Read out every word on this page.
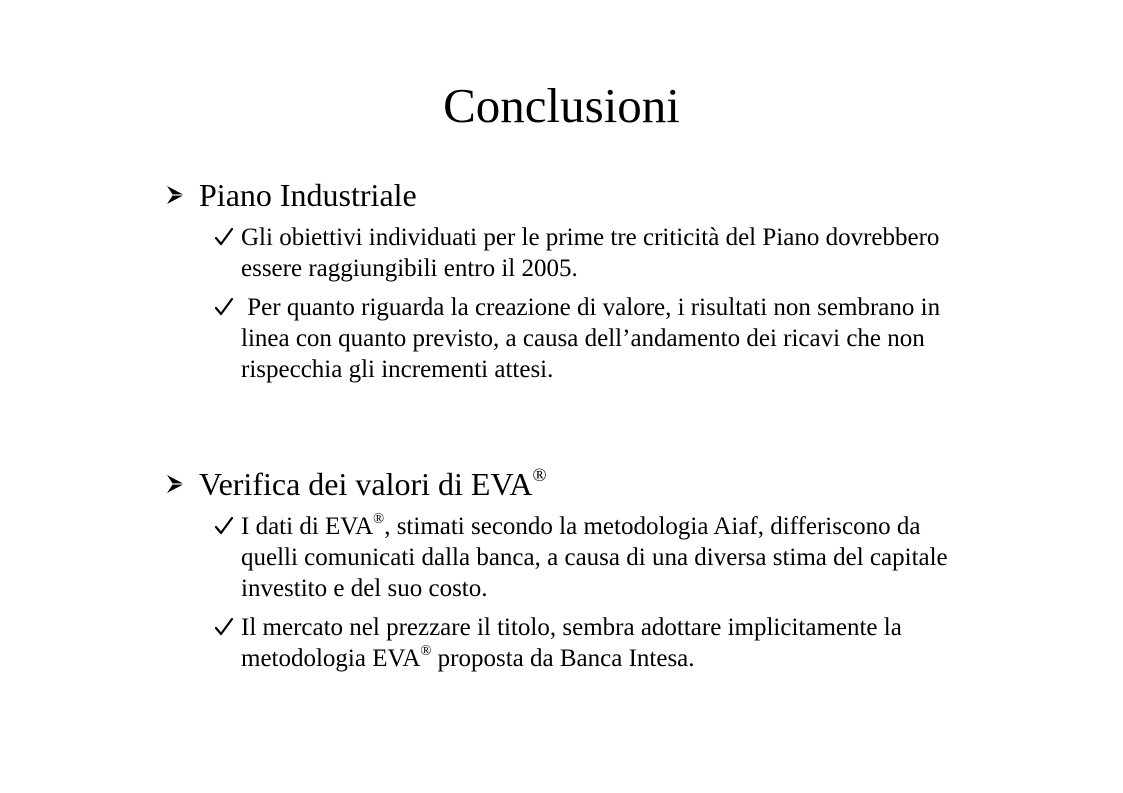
Conclusioni
Piano Industriale

Gli obiettivi individuati per le prime tre criticità del Piano dovrebbero essere raggiungibili entro il 2005.

Per quanto riguarda la creazione di valore, i risultati non sembrano in linea con quanto previsto, a causa dell’andamento dei ricavi che non rispecchia gli incrementi attesi.

Verifica dei valori di EVA®

I dati di EVA®, stimati secondo la metodologia Aiaf, differiscono da quelli comunicati dalla banca, a causa di una diversa stima del capitale investito e del suo costo.

Il mercato nel prezzare il titolo, sembra adottare implicitamente la metodologia EVA® proposta da Banca Intesa.
